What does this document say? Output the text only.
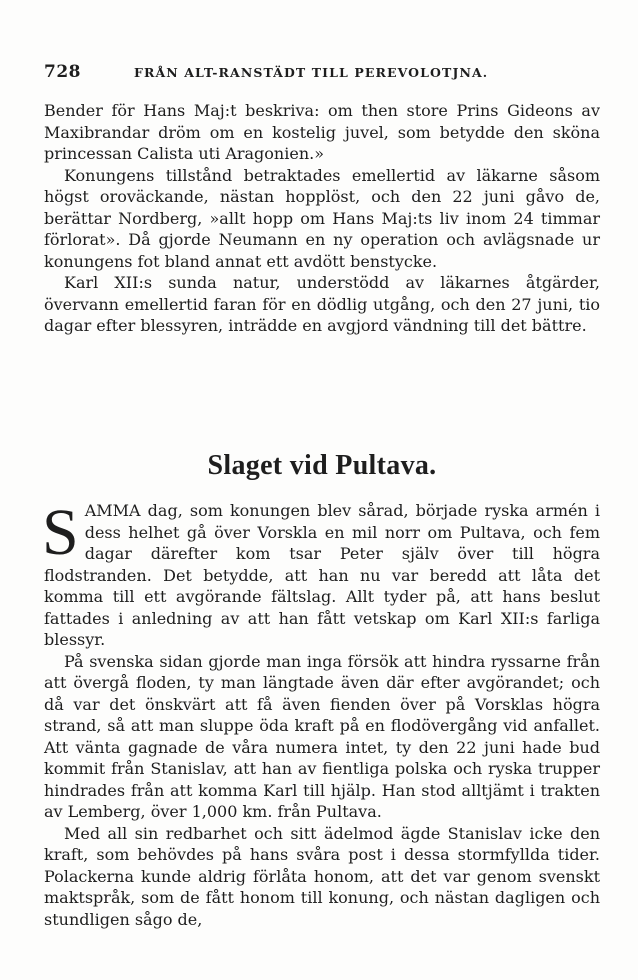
728	FRÅN ALT-RANSTÄDT TILL PEREVOLOTJNA.

Bender för Hans Maj:t beskriva: om then store Prins Gideons av Maxibrandar dröm om en kostelig juvel, som betydde den sköna princessan Calista uti Aragonien.»

Konungens tillstånd betraktades emellertid av läkarne såsom högst oroväckande, nästan hopplöst, och den 22 juni gåvo de, berättar Nordberg, »allt hopp om Hans Maj:ts liv inom 24 timmar förlorat». Då gjorde Neumann en ny operation och avlägsnade ur konungens fot bland annat ett avdött benstycke.

Karl XII:s sunda natur, understödd av läkarnes åtgärder, övervann emellertid faran för en dödlig utgång, och den 27 juni, tio dagar efter blessyren, inträdde en avgjord vändning till det bättre.

Slaget vid Pultava.

SAMMA dag, som konungen blev sårad, började ryska armén i dess helhet gå över Vorskla en mil norr om Pultava, och fem dagar därefter kom tsar Peter själv över till högra flodstranden. Det betydde, att han nu var beredd att låta det komma till ett avgörande fältslag. Allt tyder på, att hans beslut fattades i anledning av att han fått vetskap om Karl XII:s farliga blessyr.

På svenska sidan gjorde man inga försök att hindra ryssarne från att övergå floden, ty man längtade även där efter avgörandet; och då var det önskvärt att få även fienden över på Vorsklas högra strand, så att man sluppe öda kraft på en flodövergång vid anfallet. Att vänta gagnade de våra numera intet, ty den 22 juni hade bud kommit från Stanislav, att han av fientliga polska och ryska trupper hindrades från att komma Karl till hjälp. Han stod alltjämt i trakten av Lemberg, över 1,000 km. från Pultava.

Med all sin redbarhet och sitt ädelmod ägde Stanislav icke den kraft, som behövdes på hans svåra post i dessa stormfyllda tider. Polackerna kunde aldrig förlåta honom, att det var genom svenskt maktspråk, som de fått honom till konung, och nästan dagligen och stundligen sågo de,
